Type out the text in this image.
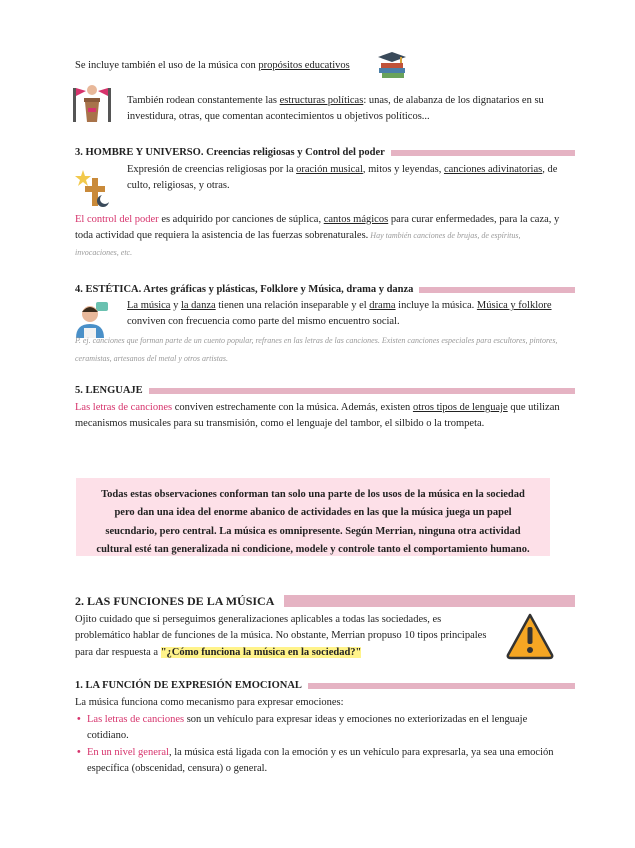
Se incluye también el uso de la música con propósitos educativos
También rodean constantemente las estructuras políticas: unas, de alabanza de los dignatarios en su investidura, otras, que comentan acontecimientos u objetivos políticos...
3. HOMBRE Y UNIVERSO. Creencias religiosas y Control del poder
Expresión de creencias religiosas por la oración musical, mitos y leyendas, canciones adivinatorias, de culto, religiosas, y otras.
El control del poder es adquirido por canciones de súplica, cantos mágicos para curar enfermedades, para la caza, y toda actividad que requiera la asistencia de las fuerzas sobrenaturales. Hay también canciones de brujas, de espíritus, invocaciones, etc.
4. ESTÉTICA. Artes gráficas y plásticas, Folklore y Música, drama y danza
La música y la danza tienen una relación inseparable y el drama incluye la música. Música y folklore conviven con frecuencia como parte del mismo encuentro social.
P. ej. canciones que forman parte de un cuento popular, refranes en las letras de las canciones. Existen canciones especiales para escultores, pintores, ceramistas, artesanos del metal y otros artistas.
5. LENGUAJE
Las letras de canciones conviven estrechamente con la música. Además, existen otros tipos de lenguaje que utilizan mecanismos musicales para su transmisión, como el lenguaje del tambor, el silbido o la trompeta.
Todas estas observaciones conforman tan solo una parte de los usos de la música en la sociedad pero dan una idea del enorme abanico de actividades en las que la música juega un papel seucndario, pero central. La música es omnipresente. Según Merrian, ninguna otra actividad cultural esté tan generalizada ni condicione, modele y controle tanto el comportamiento humano.
2. LAS FUNCIONES DE LA MÚSICA
Ojito cuidado que si perseguimos generalizaciones aplicables a todas las sociedades, es problemático hablar de funciones de la música. No obstante, Merrian propuso 10 tipos principales para dar respuesta a "¿Cómo funciona la música en la sociedad?"
1. LA FUNCIÓN DE EXPRESIÓN EMOCIONAL
La música funciona como mecanismo para expresar emociones:
• Las letras de canciones son un vehículo para expresar ideas y emociones no exteriorizadas en el lenguaje cotidiano.
• En un nivel general, la música está ligada con la emoción y es un vehículo para expresarla, ya sea una emoción específica (obscenidad, censura) o general.
